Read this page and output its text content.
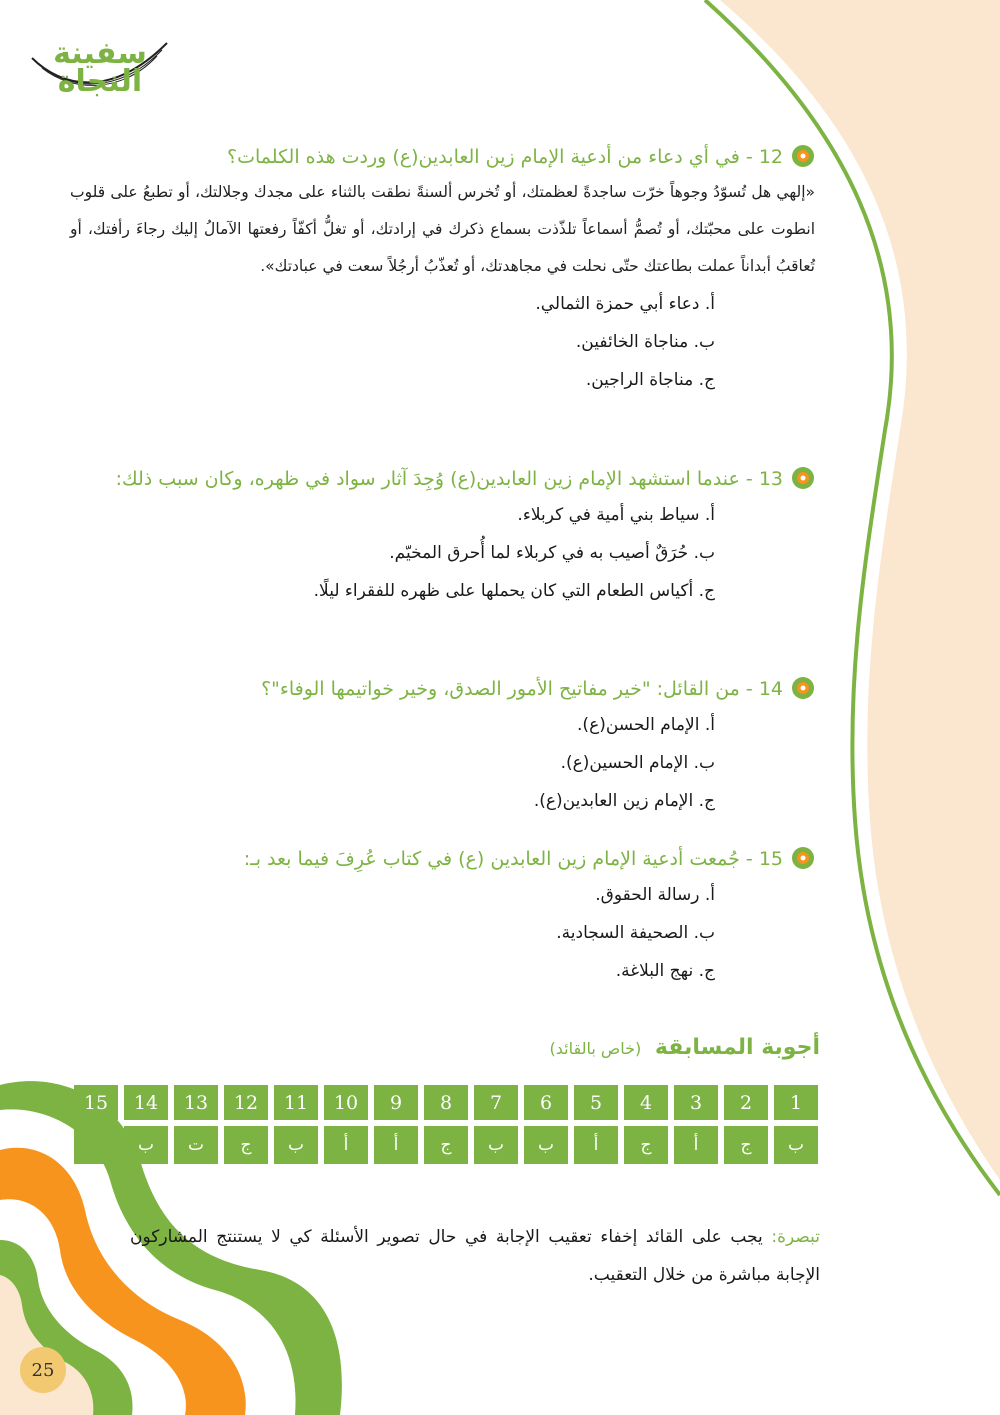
سفينة النجاة
12 - في أي دعاء من أدعية الإمام زين العابدين(ع) وردت هذه الكلمات؟
«إلهي هل تُسوّدُ وجوهاً خرّت ساجدةً لعظمتك، أو تُخرس ألسنةً نطقت بالثناء على مجدك وجلالتك، أو تطبعُ على قلوب انطوت على محبّتك، أو تُصمُّ أسماعاً تلذّذت بسماع ذكرك في إرادتك، أو تغلُّ أكفّاً رفعتها الآمالُ إليك رجاءَ رأفتك، أو تُعاقبُ أبداناً عملت بطاعتك حتّى نحلت في مجاهدتك، أو تُعذّبُ أرجُلاً سعت في عبادتك».
أ. دعاء أبي حمزة الثمالي.
ب. مناجاة الخائفين.
ج. مناجاة الراجين.
13 - عندما استشهد الإمام زين العابدين(ع) وُجِدَ آثار سواد في ظهره، وكان سبب ذلك:
أ. سياط بني أمية في كربلاء.
ب. حُرَقٌ أصيب به في كربلاء لما أُحرق المخيّم.
ج. أكياس الطعام التي كان يحملها على ظهره للفقراء ليلًا.
14 - من القائل: "خير مفاتيح الأمور الصدق، وخير خواتيمها الوفاء"؟
أ. الإمام الحسن(ع).
ب. الإمام الحسين(ع).
ج. الإمام زين العابدين(ع).
15 - جُمعت أدعية الإمام زين العابدين (ع) في كتاب عُرِفَ فيما بعد بـ:
أ. رسالة الحقوق.
ب. الصحيفة السجادية.
ج. نهج البلاغة.
أجوبة المسابقة (خاص بالقائد)
1
2
3
4
5
6
7
8
9
10
11
12
13
14
15
ب
ج
أ
ج
أ
ب
ب
ج
أ
أ
ب
ج
ت
ب
تبصرة: يجب على القائد إخفاء تعقيب الإجابة في حال تصوير الأسئلة كي لا يستنتج المشاركون الإجابة مباشرة من خلال التعقيب.
25
